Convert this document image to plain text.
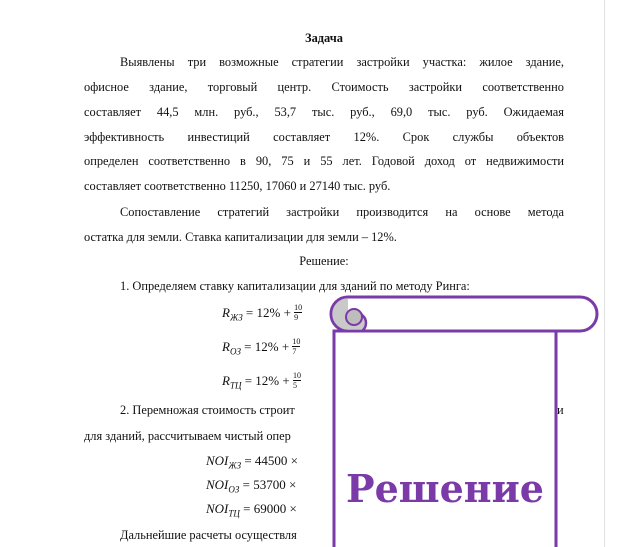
Задача
Выявлены три возможные стратегии застройки участка: жилое здание,
офисное здание, торговый центр. Стоимость застройки соответственно
составляет 44,5 млн. руб., 53,7 тыс. руб., 69,0 тыс. руб. Ожидаемая
эффективность инвестиций составляет 12%. Срок службы объектов
определен соответственно в 90, 75 и 55 лет. Годовой доход от недвижимости
составляет соответственно 11250, 17060 и 27140 тыс. руб.
Сопоставление стратегий застройки производится на основе метода
остатка для земли. Ставка капитализации для земли – 12%.
Решение:
1. Определяем ставку капитализации для зданий по методу Ринга:
$R_{ЖЗ} = 12\% + \frac{10}{9}$
$R_{ОЗ} = 12\% + \frac{10}{7}$
$R_{ТЦ} = 12\% + \frac{10}{5}$
2. Перемножая стоимость строит	и
для зданий, рассчитываем чистый опер
$NOI_{ЖЗ} = 44500$ ×
$NOI_{ОЗ} = 53700$ ×
$NOI_{ТЦ} = 69000$ ×
Дальнейшие расчеты осуществля
Решение
